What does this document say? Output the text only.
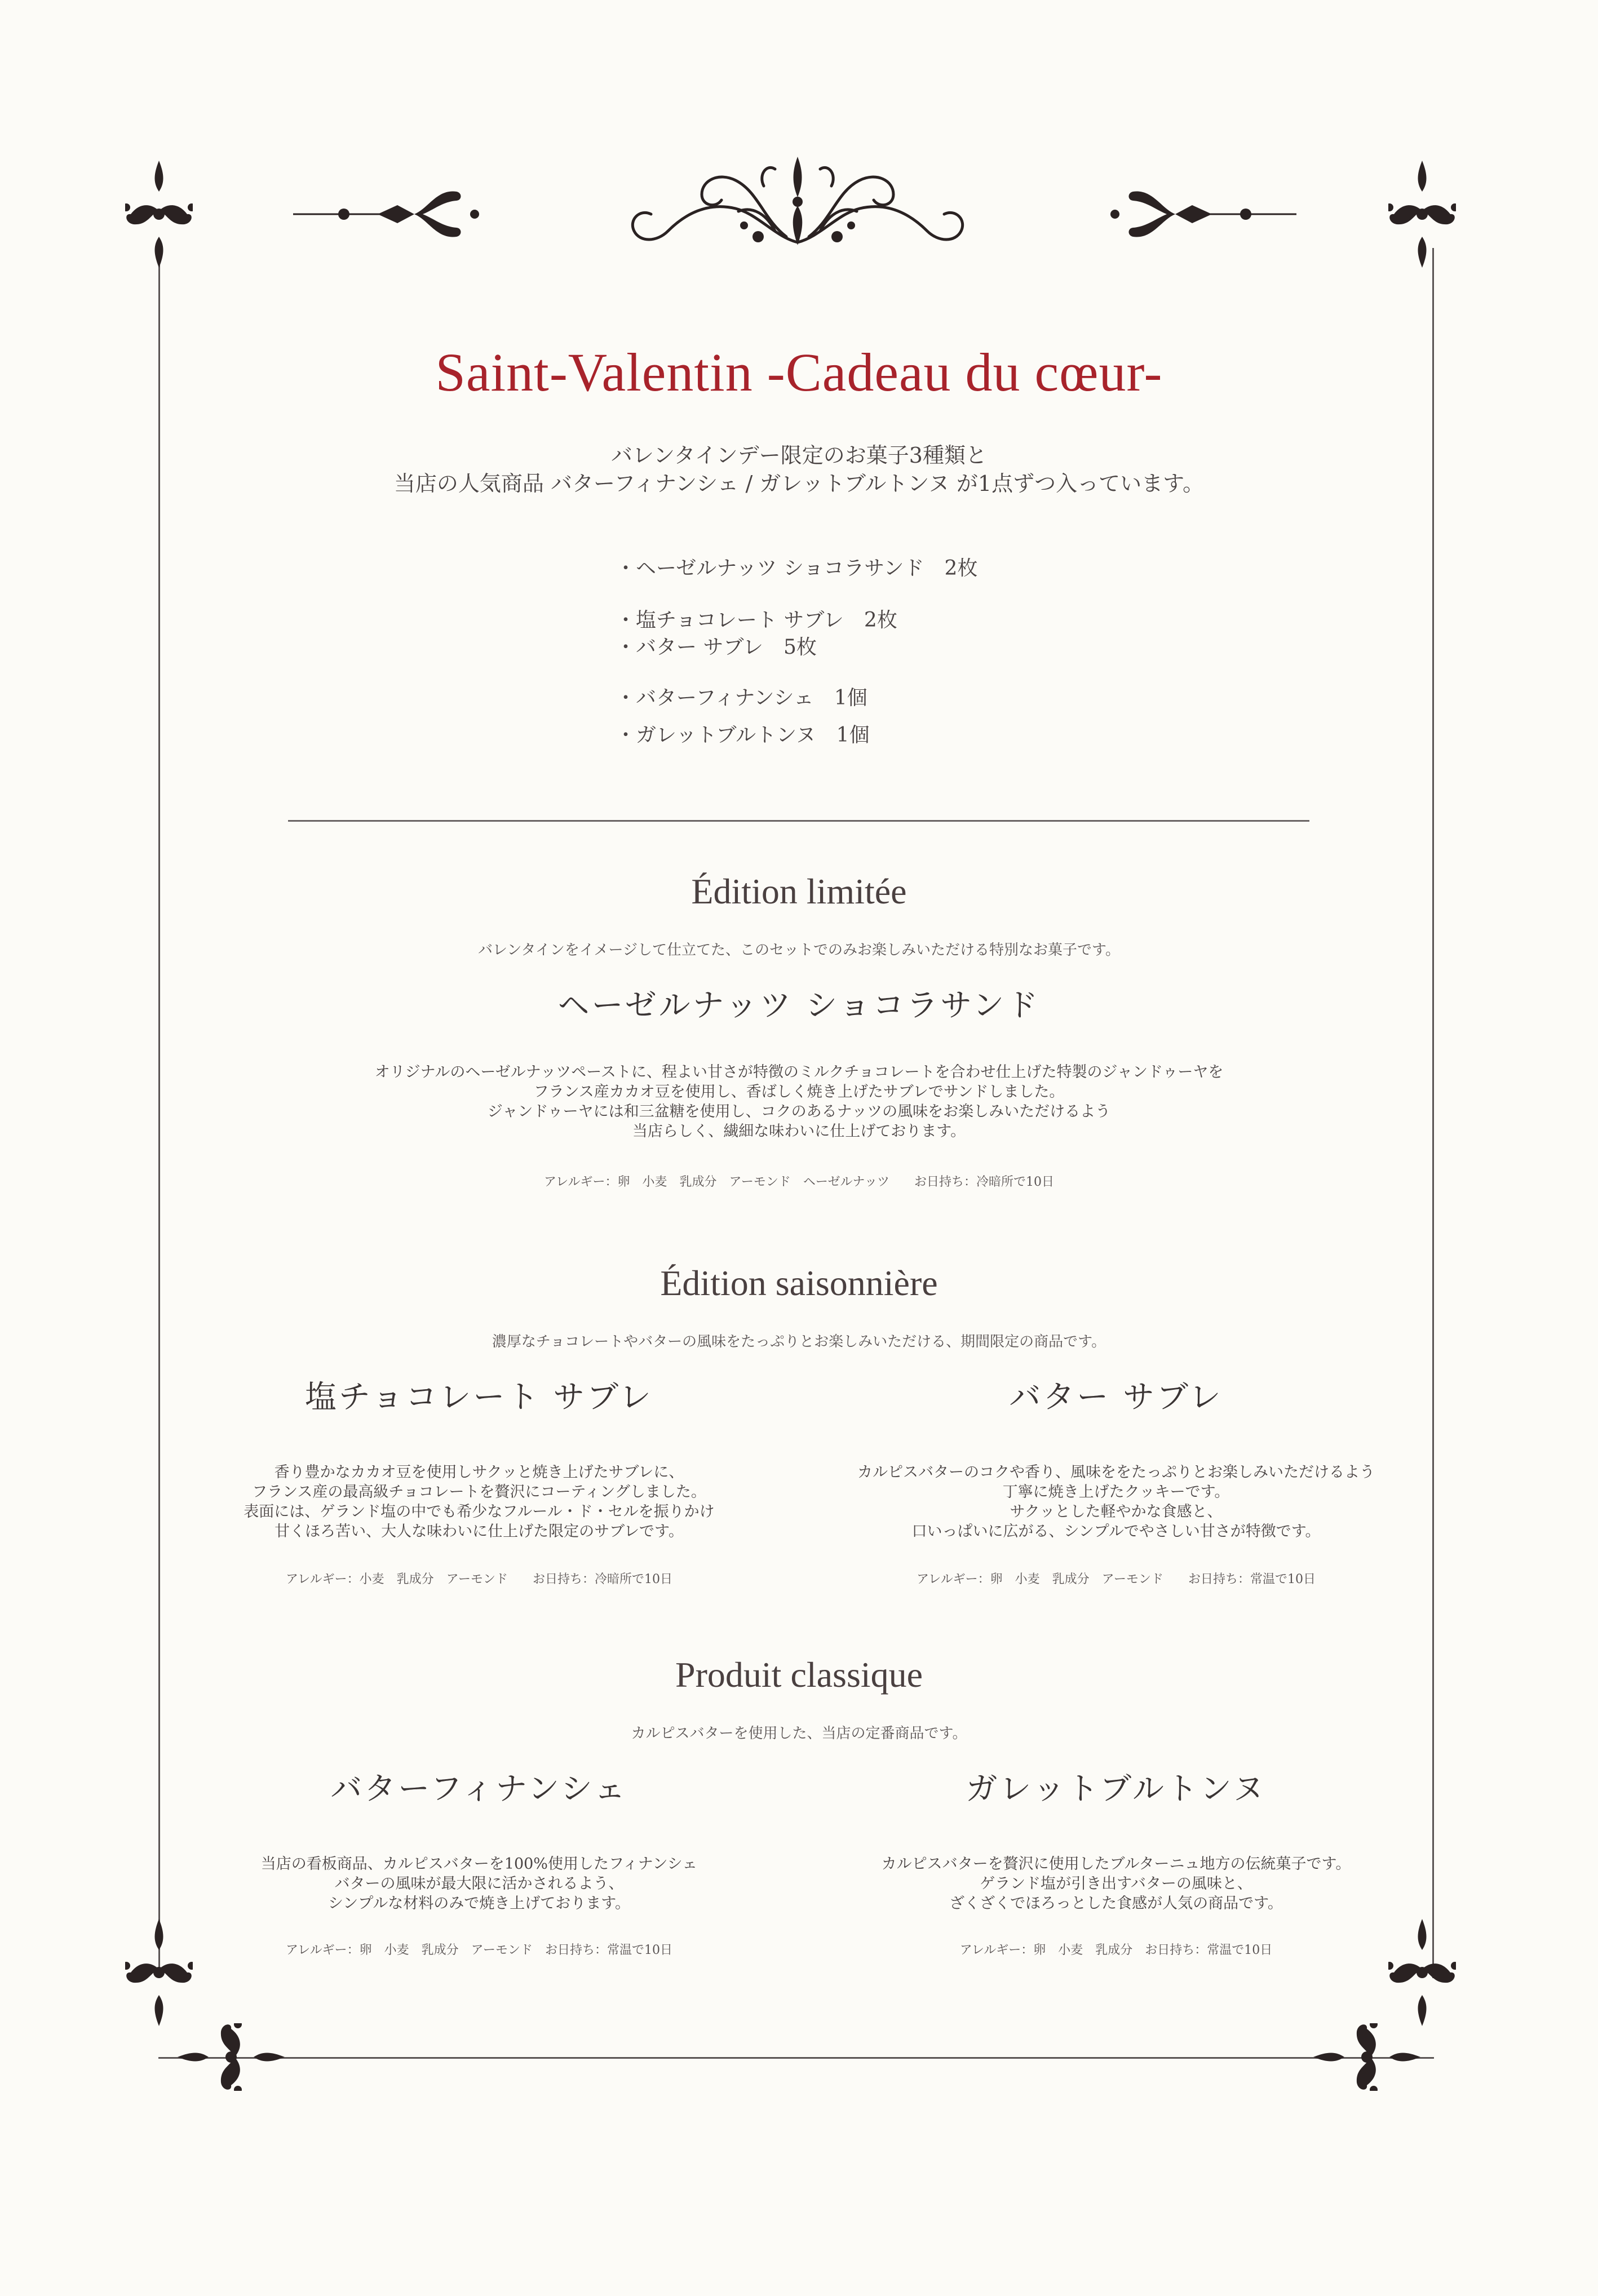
Saint-Valentin -Cadeau du cœur-
バレンタインデー限定のお菓子3種類と
当店の人気商品 バターフィナンシェ / ガレットブルトンヌ が1点ずつ入っています。
・ヘーゼルナッツ ショコラサンド　2枚
・塩チョコレート サブレ　2枚
・バター サブレ　5枚
・バターフィナンシェ　1個
・ガレットブルトンヌ　1個
Édition limitée
バレンタインをイメージして仕立てた、このセットでのみお楽しみいただける特別なお菓子です。
ヘーゼルナッツ ショコラサンド
オリジナルのヘーゼルナッツペーストに、程よい甘さが特徴のミルクチョコレートを合わせ仕上げた特製のジャンドゥーヤを
フランス産カカオ豆を使用し、香ばしく焼き上げたサブレでサンドしました。
ジャンドゥーヤには和三盆糖を使用し、コクのあるナッツの風味をお楽しみいただけるよう
当店らしく、繊細な味わいに仕上げております。
アレルギー：卵　小麦　乳成分　アーモンド　ヘーゼルナッツ　　お日持ち：冷暗所で10日
Édition saisonnière
濃厚なチョコレートやバターの風味をたっぷりとお楽しみいただける、期間限定の商品です。
塩チョコレート サブレ
香り豊かなカカオ豆を使用しサクッと焼き上げたサブレに、
フランス産の最高級チョコレートを贅沢にコーティングしました。
表面には、ゲランド塩の中でも希少なフルール・ド・セルを振りかけ
甘くほろ苦い、大人な味わいに仕上げた限定のサブレです。
アレルギー：小麦　乳成分　アーモンド　　お日持ち：冷暗所で10日
バター サブレ
カルピスバターのコクや香り、風味ををたっぷりとお楽しみいただけるよう
丁寧に焼き上げたクッキーです。
サクッとした軽やかな食感と、
口いっぱいに広がる、シンプルでやさしい甘さが特徴です。
アレルギー：卵　小麦　乳成分　アーモンド　　お日持ち：常温で10日
Produit classique
カルピスバターを使用した、当店の定番商品です。
バターフィナンシェ
当店の看板商品、カルピスバターを100%使用したフィナンシェ
バターの風味が最大限に活かされるよう、
シンプルな材料のみで焼き上げております。
アレルギー：卵　小麦　乳成分　アーモンド　お日持ち：常温で10日
ガレットブルトンヌ
カルピスバターを贅沢に使用したブルターニュ地方の伝統菓子です。
ゲランド塩が引き出すバターの風味と、
ざくざくでほろっとした食感が人気の商品です。
アレルギー：卵　小麦　乳成分　お日持ち：常温で10日
